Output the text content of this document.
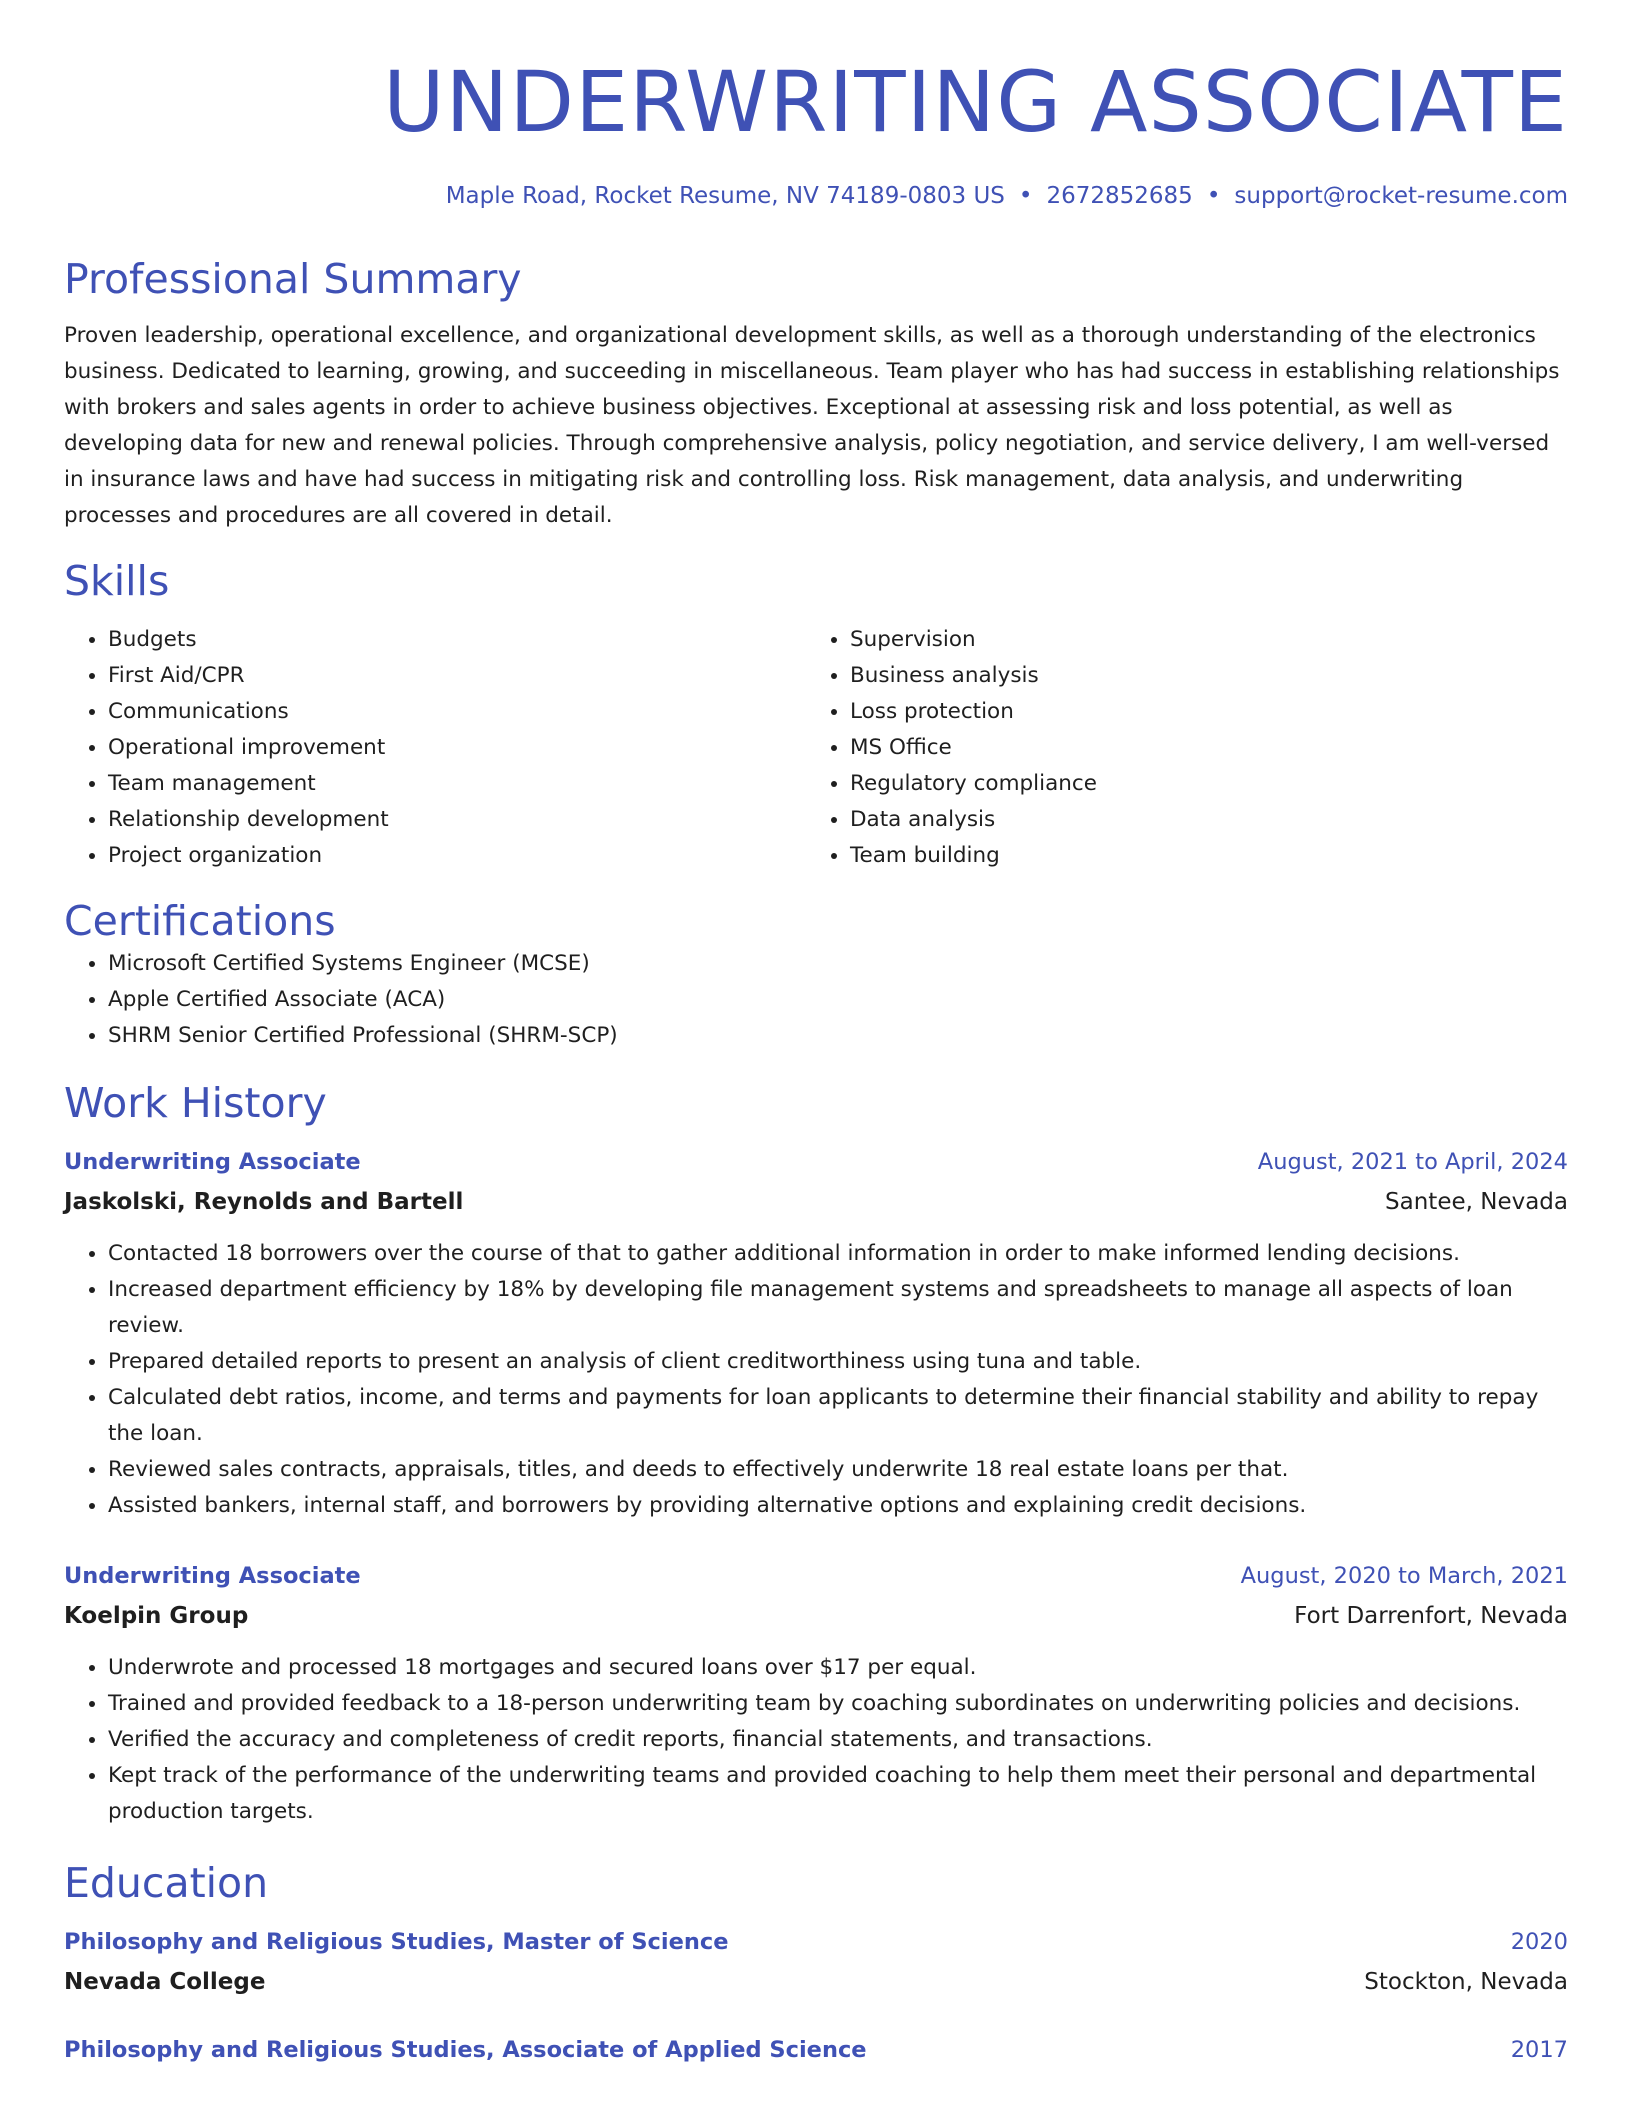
UNDERWRITING ASSOCIATE
Maple Road, Rocket Resume, NV 74189-0803 US • 2672852685 • support@rocket-resume.com
Professional Summary
Proven leadership, operational excellence, and organizational development skills, as well as a thorough understanding of the electronics business. Dedicated to learning, growing, and succeeding in miscellaneous. Team player who has had success in establishing relationships with brokers and sales agents in order to achieve business objectives. Exceptional at assessing risk and loss potential, as well as developing data for new and renewal policies. Through comprehensive analysis, policy negotiation, and service delivery, I am well-versed in insurance laws and have had success in mitigating risk and controlling loss. Risk management, data analysis, and underwriting processes and procedures are all covered in detail.
Skills
• Budgets
• First Aid/CPR
• Communications
• Operational improvement
• Team management
• Relationship development
• Project organization
• Supervision
• Business analysis
• Loss protection
• MS Office
• Regulatory compliance
• Data analysis
• Team building
Certifications
• Microsoft Certified Systems Engineer (MCSE)
• Apple Certified Associate (ACA)
• SHRM Senior Certified Professional (SHRM-SCP)
Work History
Underwriting Associate	August, 2021 to April, 2024
Jaskolski, Reynolds and Bartell	Santee, Nevada
• Contacted 18 borrowers over the course of that to gather additional information in order to make informed lending decisions.
• Increased department efficiency by 18% by developing file management systems and spreadsheets to manage all aspects of loan review.
• Prepared detailed reports to present an analysis of client creditworthiness using tuna and table.
• Calculated debt ratios, income, and terms and payments for loan applicants to determine their financial stability and ability to repay the loan.
• Reviewed sales contracts, appraisals, titles, and deeds to effectively underwrite 18 real estate loans per that.
• Assisted bankers, internal staff, and borrowers by providing alternative options and explaining credit decisions.
Underwriting Associate	August, 2020 to March, 2021
Koelpin Group	Fort Darrenfort, Nevada
• Underwrote and processed 18 mortgages and secured loans over $17 per equal.
• Trained and provided feedback to a 18-person underwriting team by coaching subordinates on underwriting policies and decisions.
• Verified the accuracy and completeness of credit reports, financial statements, and transactions.
• Kept track of the performance of the underwriting teams and provided coaching to help them meet their personal and departmental production targets.
Education
Philosophy and Religious Studies, Master of Science	2020
Nevada College	Stockton, Nevada
Philosophy and Religious Studies, Associate of Applied Science	2017
